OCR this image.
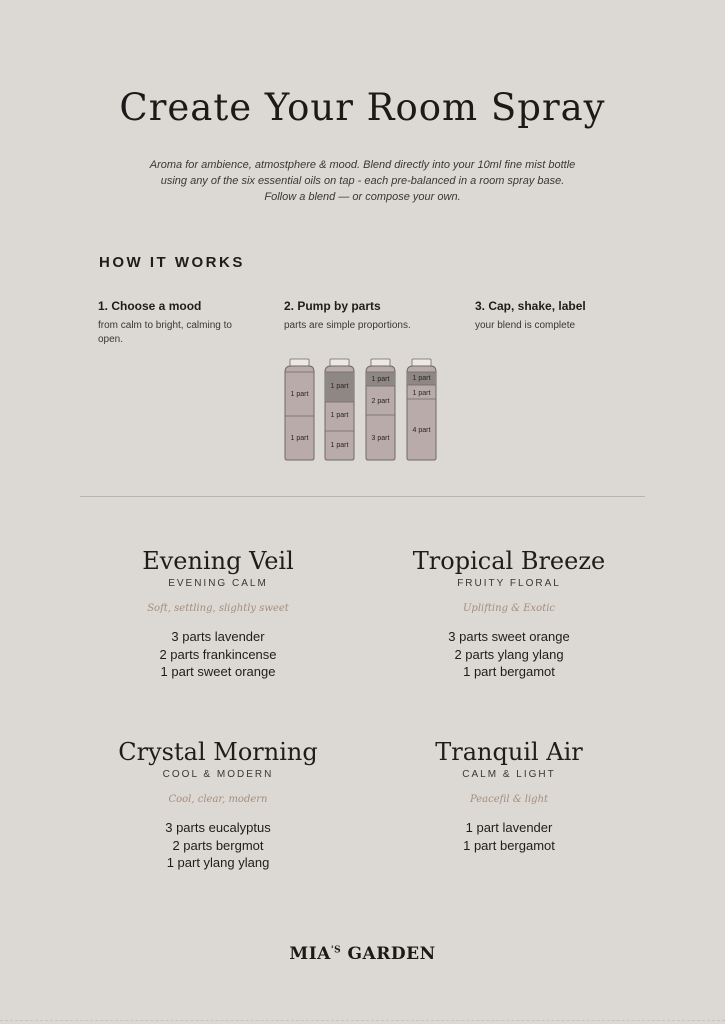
Create Your Room Spray
Aroma for ambience, atmostphere & mood. Blend directly into your 10ml fine mist bottle
using any of the six essential oils on tap - each pre-balanced in a room spray base.
Follow a blend — or compose your own.
HOW IT WORKS
1. Choose a mood
from calm to bright, calming to open.
2. Pump by parts
parts are simple proportions.
3. Cap, shake, label
your blend is complete
1 part
1 part
1 part
1 part
1 part
1 part
2 part
3 part
1 part
1 part
4 part
Evening Veil
EVENING CALM
Soft, settling, slightly sweet
3 parts lavender
2 parts frankincense
1 part sweet orange
Tropical Breeze
FRUITY FLORAL
Uplifting & Exotic
3 parts sweet orange
2 parts ylang ylang
1 part bergamot
Crystal Morning
COOL & MODERN
Cool, clear, modern
3 parts eucalyptus
2 parts bergmot
1 part ylang ylang
Tranquil Air
CALM & LIGHT
Peacefil & light
1 part lavender
1 part bergamot
$MIA^{'S}$ GARDEN
